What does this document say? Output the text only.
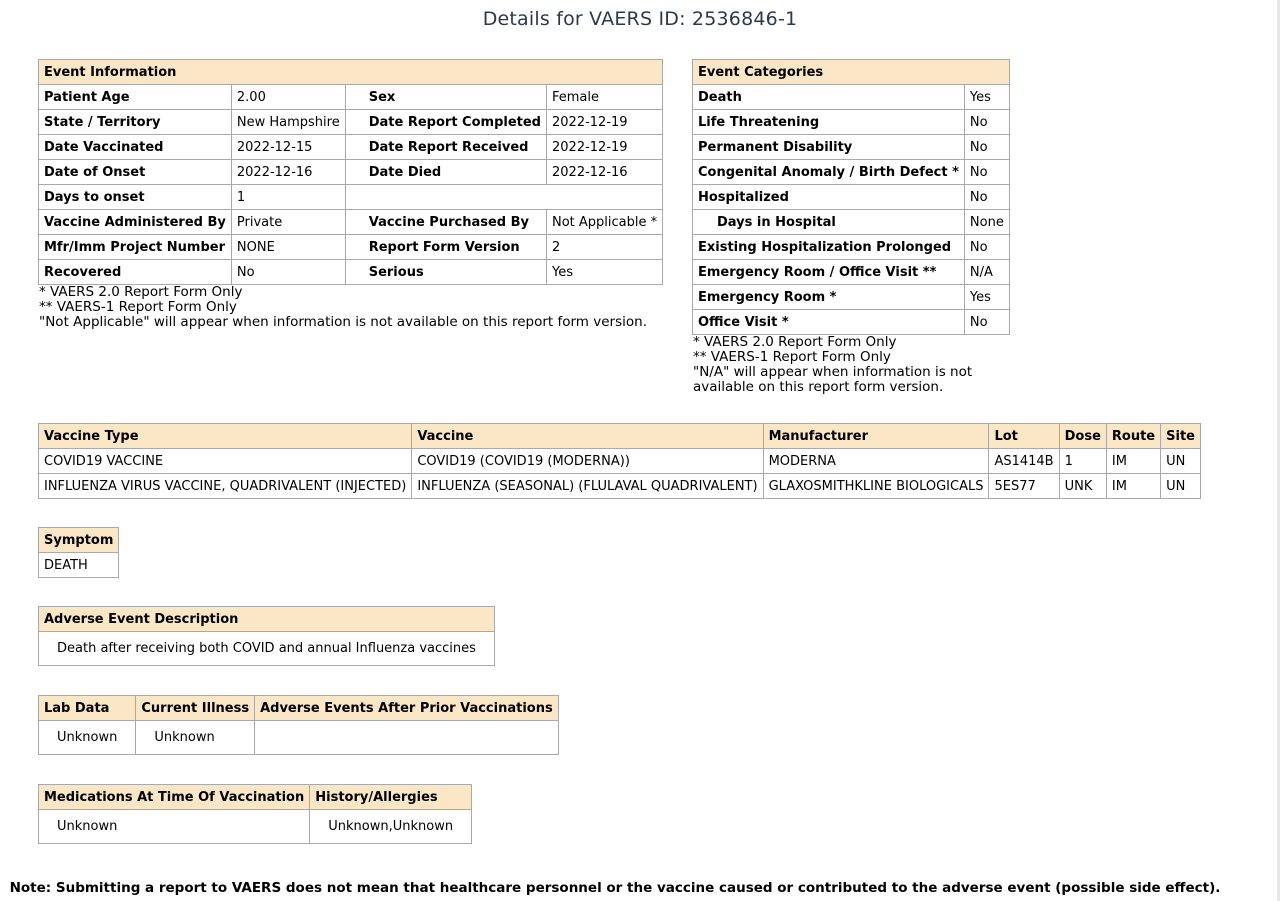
Details for VAERS ID: 2536846-1
Event Information			
Patient Age	2.00	Sex	Female
State / Territory	New Hampshire	Date Report Completed	2022-12-19
Date Vaccinated	2022-12-15	Date Report Received	2022-12-19
Date of Onset	2022-12-16	Date Died	2022-12-16
Days to onset	1		
Vaccine Administered By	Private	Vaccine Purchased By	Not Applicable *
Mfr/Imm Project Number	NONE	Report Form Version	2
Recovered	No	Serious	Yes
* VAERS 2.0 Report Form Only
** VAERS-1 Report Form Only
"Not Applicable" will appear when information is not available on this report form version.
Event Categories	
Death	Yes
Life Threatening	No
Permanent Disability	No
Congenital Anomaly / Birth Defect *	No
Hospitalized	No
Days in Hospital	None
Existing Hospitalization Prolonged	No
Emergency Room / Office Visit **	N/A
Emergency Room *	Yes
Office Visit *	No
* VAERS 2.0 Report Form Only
** VAERS-1 Report Form Only
"N/A" will appear when information is not
available on this report form version.
Vaccine Type	Vaccine	Manufacturer	Lot	Dose	Route	Site
COVID19 VACCINE	COVID19 (COVID19 (MODERNA))	MODERNA	AS1414B	1	IM	UN
INFLUENZA VIRUS VACCINE, QUADRIVALENT (INJECTED)	INFLUENZA (SEASONAL) (FLULAVAL QUADRIVALENT)	GLAXOSMITHKLINE BIOLOGICALS	5ES77	UNK	IM	UN
Symptom
DEATH
Adverse Event Description
Death after receiving both COVID and annual Influenza vaccines
Lab Data	Current Illness	Adverse Events After Prior Vaccinations
Unknown	Unknown	
Medications At Time Of Vaccination	History/Allergies
Unknown	Unknown,Unknown
Note: Submitting a report to VAERS does not mean that healthcare personnel or the vaccine caused or contributed to the adverse event (possible side effect).
